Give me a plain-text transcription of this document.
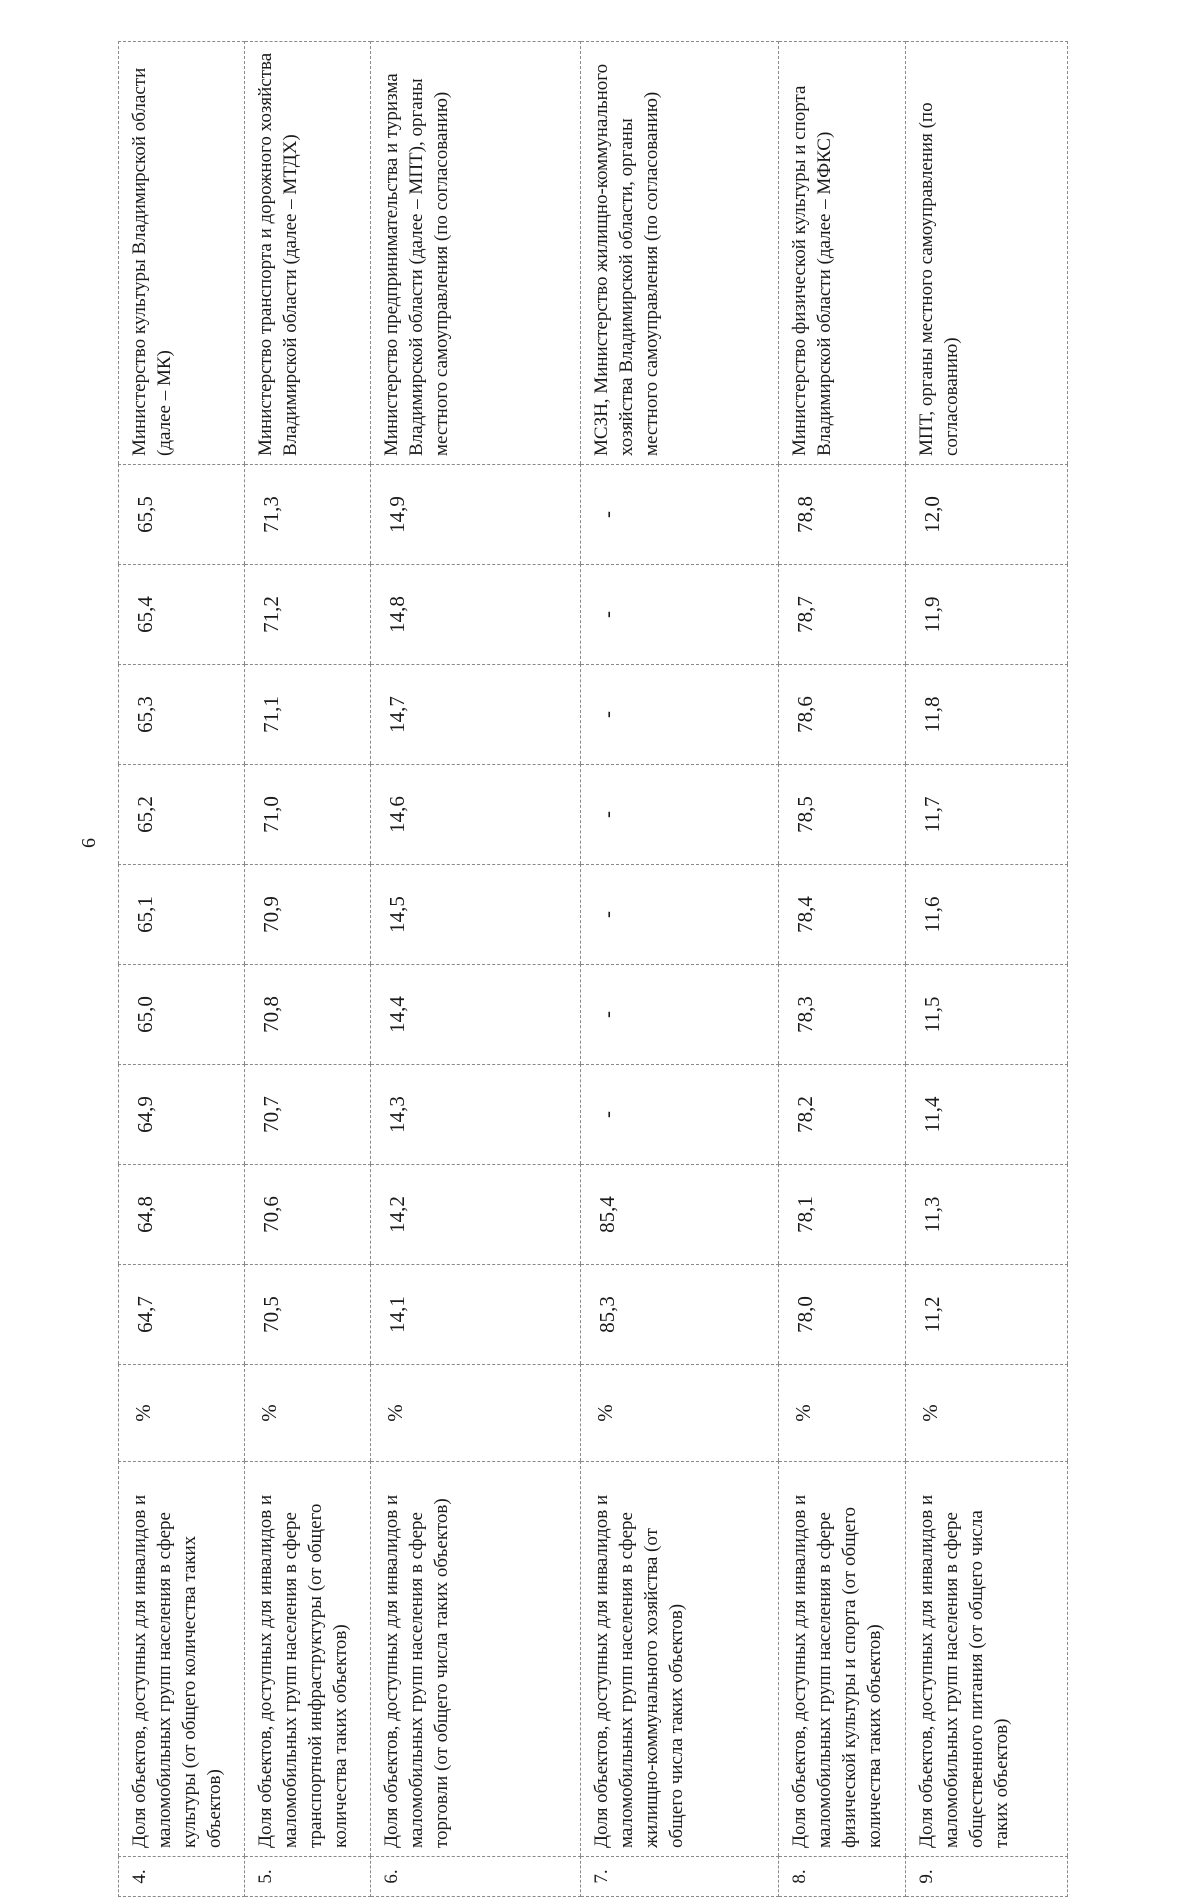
6
4.	Доля объектов, доступных для инвалидов и маломобильных групп населения в сфере культуры (от общего количества таких объектов)	%	64,7	64,8	64,9	65,0	65,1	65,2	65,3	65,4	65,5	Министерство культуры Владимирской области (далее – МК)
5.	Доля объектов, доступных для инвалидов и маломобильных групп населения в сфере транспортной инфраструктуры (от общего количества таких объектов)	%	70,5	70,6	70,7	70,8	70,9	71,0	71,1	71,2	71,3	Министерство транспорта и дорожного хозяйства Владимирской области (далее – МТДХ)
6.	Доля объектов, доступных для инвалидов и маломобильных групп населения в сфере торговли (от общего числа таких объектов)	%	14,1	14,2	14,3	14,4	14,5	14,6	14,7	14,8	14,9	Министерство предпринимательства и туризма Владимирской области (далее – МПТ), органы местного самоуправления (по согласованию)
7.	Доля объектов, доступных для инвалидов и маломобильных групп населения в сфере жилищно-коммунального хозяйства (от общего числа таких объектов)	%	85,3	85,4	-	-	-	-	-	-	-	МСЗН, Министерство жилищно-коммунального хозяйства Владимирской области, органы местного самоуправления (по согласованию)
8.	Доля объектов, доступных для инвалидов и маломобильных групп населения в сфере физической культуры и спорта (от общего количества таких объектов)	%	78,0	78,1	78,2	78,3	78,4	78,5	78,6	78,7	78,8	Министерство физической культуры и спорта Владимирской области (далее – МФКС)
9.	Доля объектов, доступных для инвалидов и маломобильных групп населения в сфере общественного питания (от общего числа таких объектов)	%	11,2	11,3	11,4	11,5	11,6	11,7	11,8	11,9	12,0	МПТ, органы местного самоуправления (по согласованию)
